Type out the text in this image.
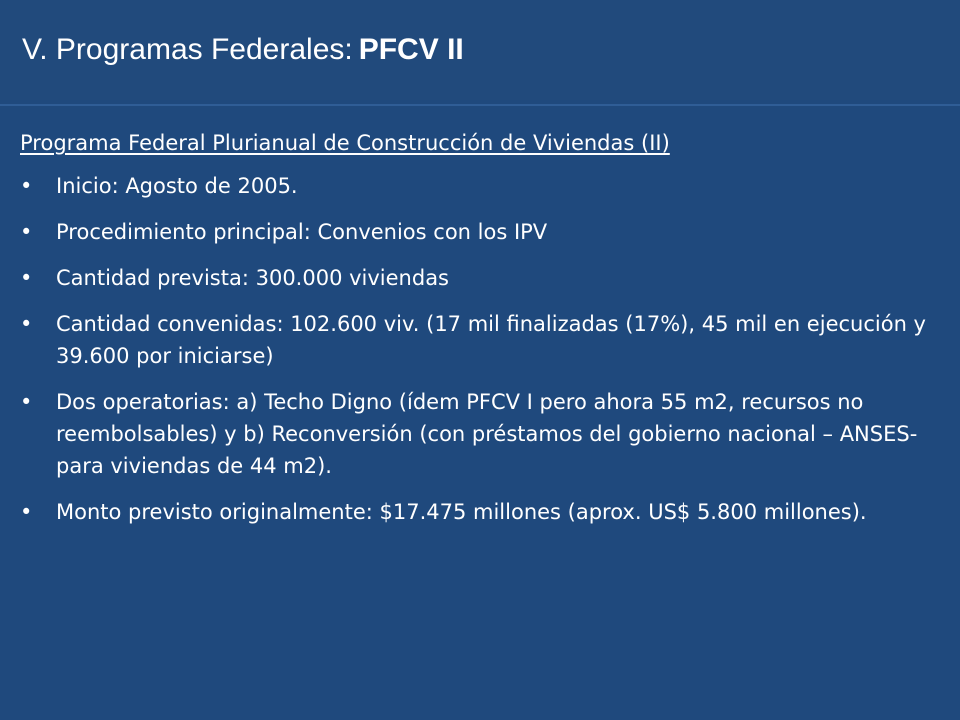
V. Programas Federales: PFCV II

Programa Federal Plurianual de Construcción de Viviendas (II)

•	Inicio: Agosto de 2005.
•	Procedimiento principal: Convenios con los IPV
•	Cantidad prevista: 300.000 viviendas
•	Cantidad convenidas: 102.600 viv. (17 mil finalizadas (17%), 45 mil en ejecución y 39.600 por iniciarse)
•	Dos operatorias: a) Techo Digno (ídem PFCV I pero ahora 55 m2, recursos no reembolsables) y b) Reconversión (con préstamos del gobierno nacional – ANSES- para viviendas de 44 m2).
•	Monto previsto originalmente: $17.475 millones (aprox. US$ 5.800 millones).
